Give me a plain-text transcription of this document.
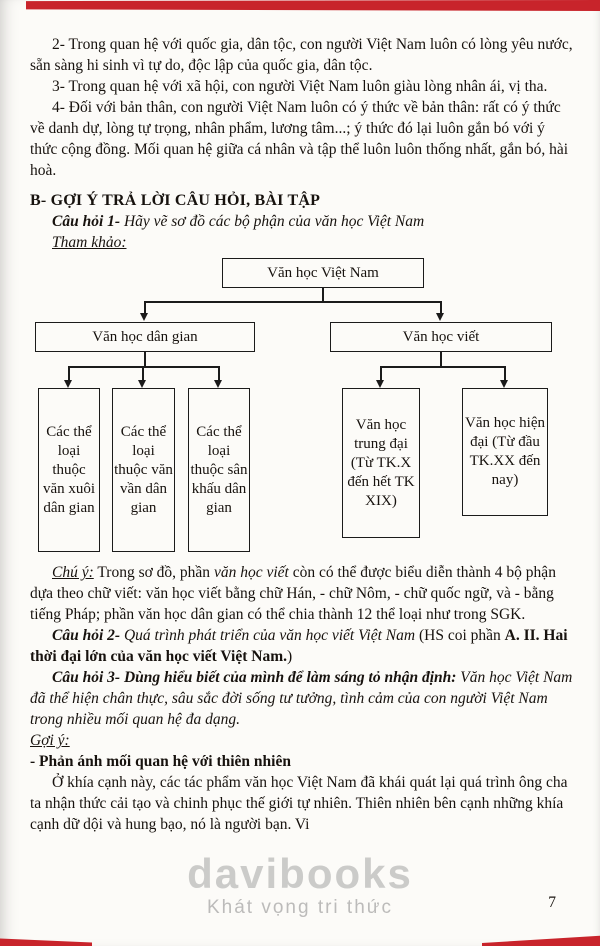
2- Trong quan hệ với quốc gia, dân tộc, con người Việt Nam luôn có lòng yêu nước, sẵn sàng hi sinh vì tự do, độc lập của quốc gia, dân tộc.

3- Trong quan hệ với xã hội, con người Việt Nam luôn giàu lòng nhân ái, vị tha.

4- Đối với bản thân, con người Việt Nam luôn có ý thức về bản thân: rất có ý thức về danh dự, lòng tự trọng, nhân phẩm, lương tâm...; ý thức đó lại luôn gắn bó với ý thức cộng đồng. Mối quan hệ giữa cá nhân và tập thể luôn luôn thống nhất, gắn bó, hài hoà.

B- GỢI Ý TRẢ LỜI CÂU HỎI, BÀI TẬP

Câu hỏi 1- Hãy vẽ sơ đồ các bộ phận của văn học Việt Nam

Tham khảo:

Văn học Việt Nam
Văn học dân gian	Văn học viết
Các thể loại thuộc văn xuôi dân gian
Các thể loại thuộc văn vần dân gian
Các thể loại thuộc sân khấu dân gian
Văn học trung đại (Từ TK.X đến hết TK XIX)
Văn học hiện đại (Từ đầu TK.XX đến nay)

Chú ý: Trong sơ đồ, phần văn học viết còn có thể được biểu diễn thành 4 bộ phận dựa theo chữ viết: văn học viết bằng chữ Hán, - chữ Nôm, - chữ quốc ngữ, và - bằng tiếng Pháp; phần văn học dân gian có thể chia thành 12 thể loại như trong SGK.

Câu hỏi 2- Quá trình phát triển của văn học viết Việt Nam (HS coi phần A. II. Hai thời đại lớn của văn học viết Việt Nam.)

Câu hỏi 3- Dùng hiểu biết của mình để làm sáng tỏ nhận định: Văn học Việt Nam đã thể hiện chân thực, sâu sắc đời sống tư tưởng, tình cảm của con người Việt Nam trong nhiều mối quan hệ đa dạng.

Gợi ý:

- Phản ánh mối quan hệ với thiên nhiên

Ở khía cạnh này, các tác phẩm văn học Việt Nam đã khái quát lại quá trình ông cha ta nhận thức cải tạo và chinh phục thế giới tự nhiên. Thiên nhiên bên cạnh những khía cạnh dữ dội và hung bạo, nó là người bạn. Vi

davibooks
Khát vọng tri thức	7
